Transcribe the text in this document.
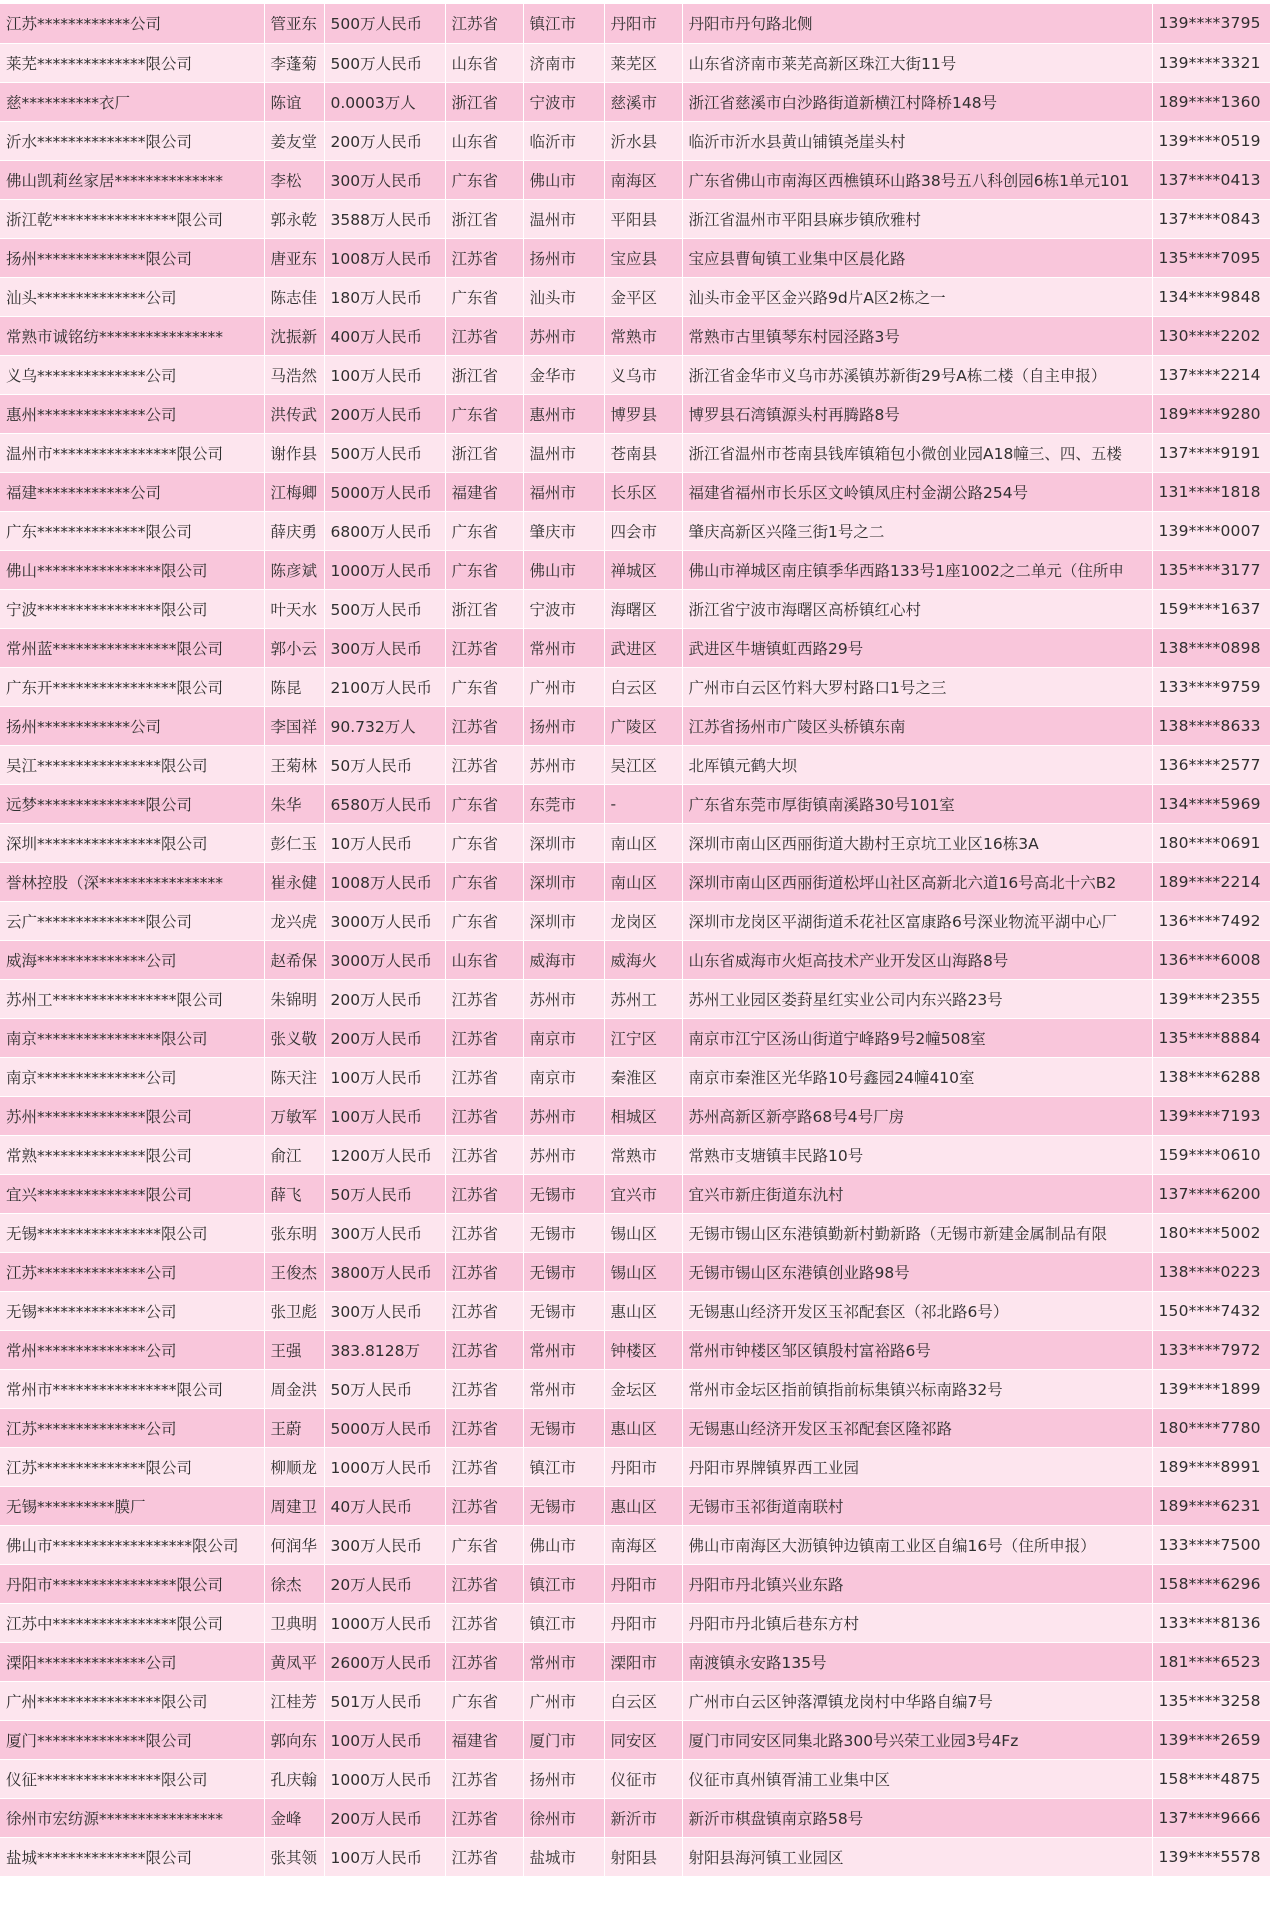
江苏************公司	管亚东	500万人民币	江苏省	镇江市	丹阳市	丹阳市丹句路北侧	139****3795
莱芜**************限公司	李蓬菊	500万人民币	山东省	济南市	莱芜区	山东省济南市莱芜高新区珠江大街11号	139****3321
慈**********衣厂	陈谊	0.0003万人	浙江省	宁波市	慈溪市	浙江省慈溪市白沙路街道新横江村降桥148号	189****1360
沂水**************限公司	姜友堂	200万人民币	山东省	临沂市	沂水县	临沂市沂水县黄山铺镇尧崖头村	139****0519
佛山凯莉丝家居**************	李松	300万人民币	广东省	佛山市	南海区	广东省佛山市南海区西樵镇环山路38号五八科创园6栋1单元101	137****0413
浙江乾****************限公司	郭永乾	3588万人民币	浙江省	温州市	平阳县	浙江省温州市平阳县麻步镇欣雅村	137****0843
扬州**************限公司	唐亚东	1008万人民币	江苏省	扬州市	宝应县	宝应县曹甸镇工业集中区晨化路	135****7095
汕头**************公司	陈志佳	180万人民币	广东省	汕头市	金平区	汕头市金平区金兴路9d片A区2栋之一	134****9848
常熟市诚铭纺****************	沈振新	400万人民币	江苏省	苏州市	常熟市	常熟市古里镇琴东村园泾路3号	130****2202
义乌**************公司	马浩然	100万人民币	浙江省	金华市	义乌市	浙江省金华市义乌市苏溪镇苏新街29号A栋二楼（自主申报）	137****2214
惠州**************公司	洪传武	200万人民币	广东省	惠州市	博罗县	博罗县石湾镇源头村再腾路8号	189****9280
温州市****************限公司	谢作县	500万人民币	浙江省	温州市	苍南县	浙江省温州市苍南县钱库镇箱包小微创业园A18幢三、四、五楼	137****9191
福建************公司	江梅卿	5000万人民币	福建省	福州市	长乐区	福建省福州市长乐区文岭镇凤庄村金湖公路254号	131****1818
广东**************限公司	薛庆勇	6800万人民币	广东省	肇庆市	四会市	肇庆高新区兴隆三街1号之二	139****0007
佛山****************限公司	陈彦斌	1000万人民币	广东省	佛山市	禅城区	佛山市禅城区南庄镇季华西路133号1座1002之二单元（住所申	135****3177
宁波****************限公司	叶天水	500万人民币	浙江省	宁波市	海曙区	浙江省宁波市海曙区高桥镇红心村	159****1637
常州蓝****************限公司	郭小云	300万人民币	江苏省	常州市	武进区	武进区牛塘镇虹西路29号	138****0898
广东开****************限公司	陈昆	2100万人民币	广东省	广州市	白云区	广州市白云区竹料大罗村路口1号之三	133****9759
扬州************公司	李国祥	90.732万人	江苏省	扬州市	广陵区	江苏省扬州市广陵区头桥镇东南	138****8633
吴江****************限公司	王菊林	50万人民币	江苏省	苏州市	吴江区	北厍镇元鹤大坝	136****2577
远梦**************限公司	朱华	6580万人民币	广东省	东莞市	-	广东省东莞市厚街镇南溪路30号101室	134****5969
深圳****************限公司	彭仁玉	10万人民币	广东省	深圳市	南山区	深圳市南山区西丽街道大勘村王京坑工业区16栋3A	180****0691
誉林控股（深****************	崔永健	1008万人民币	广东省	深圳市	南山区	深圳市南山区西丽街道松坪山社区高新北六道16号高北十六B2	189****2214
云广**************限公司	龙兴虎	3000万人民币	广东省	深圳市	龙岗区	深圳市龙岗区平湖街道禾花社区富康路6号深业物流平湖中心厂	136****7492
威海**************公司	赵希保	3000万人民币	山东省	威海市	威海火	山东省威海市火炬高技术产业开发区山海路8号	136****6008
苏州工****************限公司	朱锦明	200万人民币	江苏省	苏州市	苏州工	苏州工业园区娄葑星红实业公司内东兴路23号	139****2355
南京****************限公司	张义敬	200万人民币	江苏省	南京市	江宁区	南京市江宁区汤山街道宁峰路9号2幢508室	135****8884
南京**************公司	陈天注	100万人民币	江苏省	南京市	秦淮区	南京市秦淮区光华路10号鑫园24幢410室	138****6288
苏州**************限公司	万敏军	100万人民币	江苏省	苏州市	相城区	苏州高新区新亭路68号4号厂房	139****7193
常熟**************限公司	俞江	1200万人民币	江苏省	苏州市	常熟市	常熟市支塘镇丰民路10号	159****0610
宜兴**************限公司	薛飞	50万人民币	江苏省	无锡市	宜兴市	宜兴市新庄街道东氿村	137****6200
无锡****************限公司	张东明	300万人民币	江苏省	无锡市	锡山区	无锡市锡山区东港镇勤新村勤新路（无锡市新建金属制品有限	180****5002
江苏**************公司	王俊杰	3800万人民币	江苏省	无锡市	锡山区	无锡市锡山区东港镇创业路98号	138****0223
无锡**************公司	张卫彪	300万人民币	江苏省	无锡市	惠山区	无锡惠山经济开发区玉祁配套区（祁北路6号）	150****7432
常州**************公司	王强	383.8128万	江苏省	常州市	钟楼区	常州市钟楼区邹区镇殷村富裕路6号	133****7972
常州市****************限公司	周金洪	50万人民币	江苏省	常州市	金坛区	常州市金坛区指前镇指前标集镇兴标南路32号	139****1899
江苏**************公司	王蔚	5000万人民币	江苏省	无锡市	惠山区	无锡惠山经济开发区玉祁配套区隆祁路	180****7780
江苏**************限公司	柳顺龙	1000万人民币	江苏省	镇江市	丹阳市	丹阳市界牌镇界西工业园	189****8991
无锡**********膜厂	周建卫	40万人民币	江苏省	无锡市	惠山区	无锡市玉祁街道南联村	189****6231
佛山市******************限公司	何润华	300万人民币	广东省	佛山市	南海区	佛山市南海区大沥镇钟边镇南工业区自编16号（住所申报）	133****7500
丹阳市****************限公司	徐杰	20万人民币	江苏省	镇江市	丹阳市	丹阳市丹北镇兴业东路	158****6296
江苏中****************限公司	卫典明	1000万人民币	江苏省	镇江市	丹阳市	丹阳市丹北镇后巷东方村	133****8136
溧阳**************公司	黄凤平	2600万人民币	江苏省	常州市	溧阳市	南渡镇永安路135号	181****6523
广州****************限公司	江桂芳	501万人民币	广东省	广州市	白云区	广州市白云区钟落潭镇龙岗村中华路自编7号	135****3258
厦门**************限公司	郭向东	100万人民币	福建省	厦门市	同安区	厦门市同安区同集北路300号兴荣工业园3号4Fz	139****2659
仪征****************限公司	孔庆翰	1000万人民币	江苏省	扬州市	仪征市	仪征市真州镇胥浦工业集中区	158****4875
徐州市宏纺源****************	金峰	200万人民币	江苏省	徐州市	新沂市	新沂市棋盘镇南京路58号	137****9666
盐城**************限公司	张其领	100万人民币	江苏省	盐城市	射阳县	射阳县海河镇工业园区	139****5578
